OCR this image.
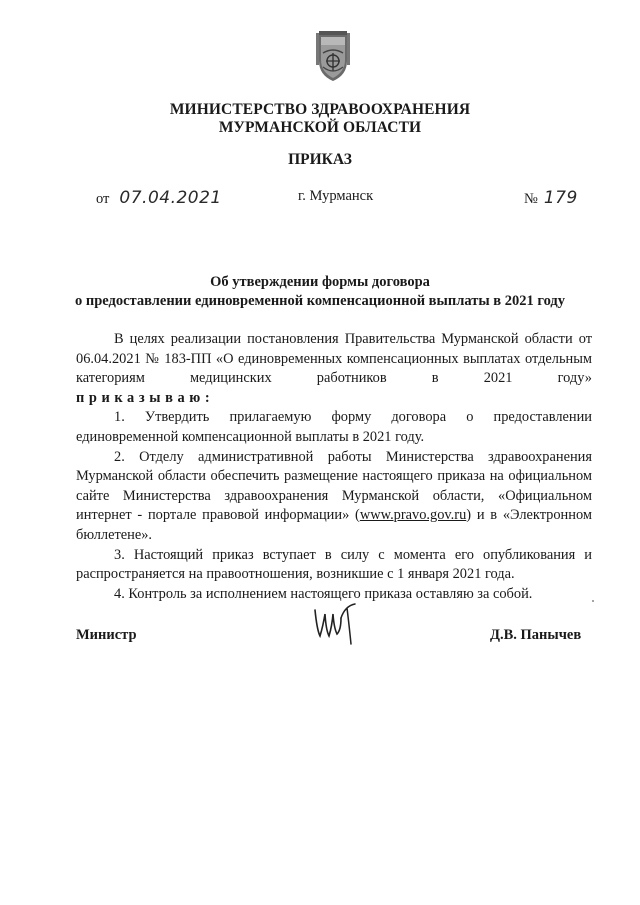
МИНИСТЕРСТВО ЗДРАВООХРАНЕНИЯ
МУРМАНСКОЙ ОБЛАСТИ
ПРИКАЗ
от 07.04.2021	г. Мурманск	№ 179
Об утверждении формы договора
о предоставлении единовременной компенсационной выплаты в 2021 году

В целях реализации постановления Правительства Мурманской области от 06.04.2021 № 183-ПП «О единовременных компенсационных выплатах отдельным категориям медицинских работников в 2021 году»

приказываю:

1. Утвердить прилагаемую форму договора о предоставлении единовременной компенсационной выплаты в 2021 году.

2. Отделу административной работы Министерства здравоохранения Мурманской области обеспечить размещение настоящего приказа на официальном сайте Министерства здравоохранения Мурманской области, «Официальном интернет - портале правовой информации» (www.pravo.gov.ru) и в «Электронном бюллетене».

3. Настоящий приказ вступает в силу с момента его опубликования и распространяется на правоотношения, возникшие с 1 января 2021 года.

4. Контроль за исполнением настоящего приказа оставляю за собой.

Министр	Д.В. Панычев
